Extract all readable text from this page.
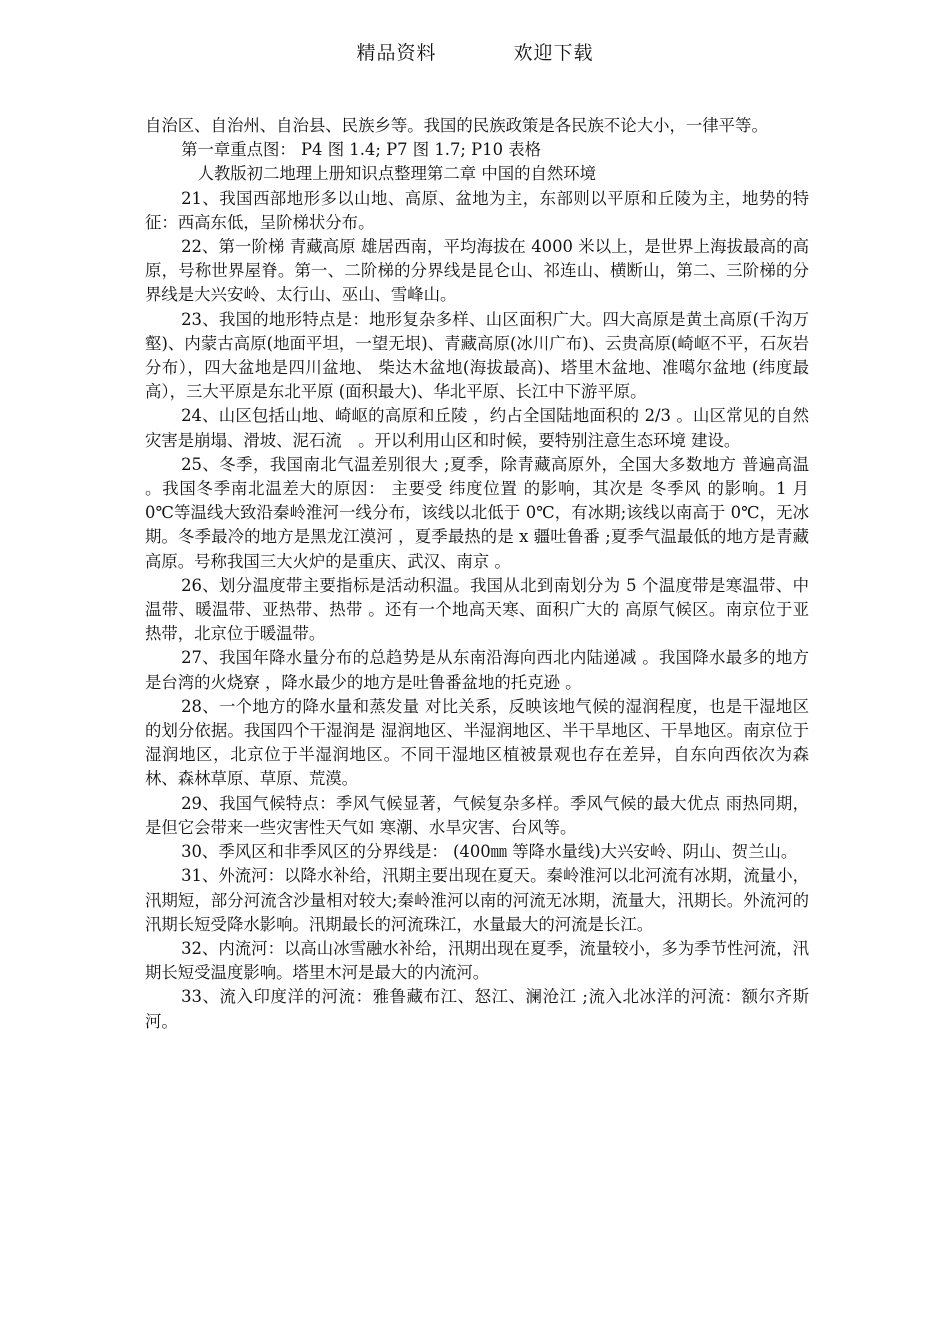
精品资料	欢迎下载

自治区、自治州、自治县、民族乡等。我国的民族政策是各民族不论大小，一律平等。

第一章重点图： P4 图 1.4; P7 图 1.7; P10 表格

人教版初二地理上册知识点整理第二章 中国的自然环境

21、我国西部地形多以山地、高原、盆地为主，东部则以平原和丘陵为主，地势的特征：西高东低，呈阶梯状分布。

22、第一阶梯 青藏高原 雄居西南，平均海拔在 4000 米以上，是世界上海拔最高的高原，号称世界屋脊。第一、二阶梯的分界线是昆仑山、祁连山、横断山，第二、三阶梯的分界线是大兴安岭、太行山、巫山、雪峰山。

23、我国的地形特点是：地形复杂多样、山区面积广大。四大高原是黄土高原(千沟万壑)、内蒙古高原(地面平坦，一望无垠)、青藏高原(冰川广布)、云贵高原(崎岖不平，石灰岩分布），四大盆地是四川盆地、 柴达木盆地(海拔最高)、塔里木盆地、准噶尔盆地 (纬度最高），三大平原是东北平原 (面积最大)、华北平原、长江中下游平原。

24、山区包括山地、崎岖的高原和丘陵 ，约占全国陆地面积的 2/3 。山区常见的自然灾害是崩塌、滑坡、泥石流　。开以利用山区和时候，要特别注意生态环境 建设。

25、冬季，我国南北气温差别很大 ;夏季，除青藏高原外，全国大多数地方 普遍高温 。我国冬季南北温差大的原因： 主要受 纬度位置 的影响，其次是 冬季风 的影响。1 月 0℃等温线大致沿秦岭淮河一线分布，该线以北低于 0℃，有冰期;该线以南高于 0℃，无冰期。冬季最冷的地方是黑龙江漠河 ，夏季最热的是 x 疆吐鲁番 ;夏季气温最低的地方是青藏高原。号称我国三大火炉的是重庆、武汉、南京 。

26、划分温度带主要指标是活动积温。我国从北到南划分为 5 个温度带是寒温带、中温带、暖温带、亚热带、热带 。还有一个地高天寒、面积广大的 高原气候区。南京位于亚热带，北京位于暖温带。

27、我国年降水量分布的总趋势是从东南沿海向西北内陆递减 。我国降水最多的地方是台湾的火烧寮 ，降水最少的地方是吐鲁番盆地的托克逊 。

28、一个地方的降水量和蒸发量 对比关系，反映该地气候的湿润程度，也是干湿地区的划分依据。我国四个干湿润是 湿润地区、半湿润地区、半干旱地区、干旱地区。南京位于湿润地区，北京位于半湿润地区。不同干湿地区植被景观也存在差异，自东向西依次为森林、森林草原、草原、荒漠。

29、我国气候特点：季风气候显著，气候复杂多样。季风气候的最大优点 雨热同期，是但它会带来一些灾害性天气如 寒潮、水旱灾害、台风等。

30、季风区和非季风区的分界线是： (400㎜ 等降水量线)大兴安岭、阴山、贺兰山。

31、外流河：以降水补给，汛期主要出现在夏天。秦岭淮河以北河流有冰期，流量小，汛期短，部分河流含沙量相对较大;秦岭淮河以南的河流无冰期，流量大，汛期长。外流河的汛期长短受降水影响。汛期最长的河流珠江，水量最大的河流是长江。

32、内流河：以高山冰雪融水补给，汛期出现在夏季，流量较小，多为季节性河流，汛期长短受温度影响。塔里木河是最大的内流河。

33、流入印度洋的河流：雅鲁藏布江、怒江、澜沧江 ;流入北冰洋的河流：额尔齐斯河。
